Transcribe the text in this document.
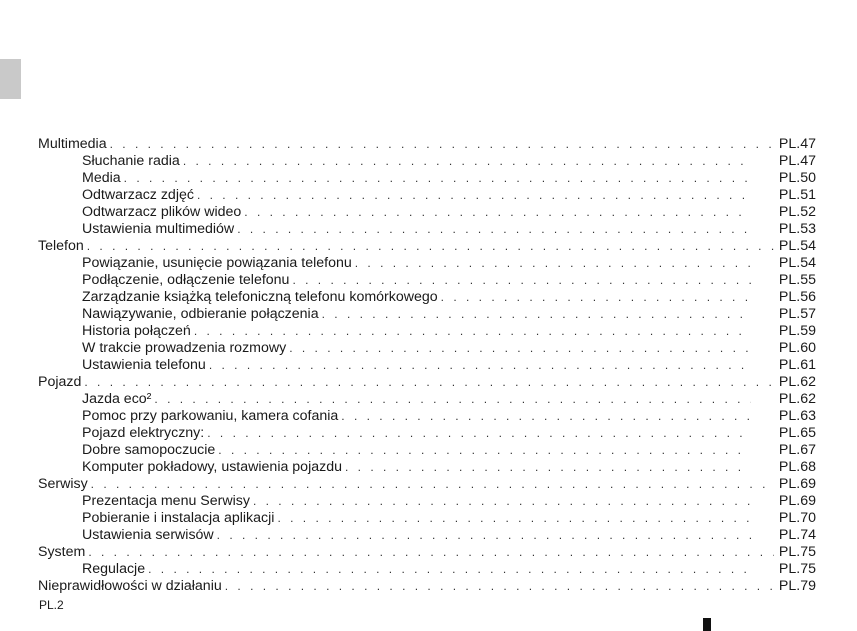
Multimedia . . .	PL.47
Słuchanie radia . . .	PL.47
Media . . .	PL.50
Odtwarzacz zdjęć . . .	PL.51
Odtwarzacz plików wideo . . .	PL.52
Ustawienia multimediów . . .	PL.53
Telefon . . .	PL.54
Powiązanie, usunięcie powiązania telefonu . . .	PL.54
Podłączenie, odłączenie telefonu . . .	PL.55
Zarządzanie książką telefoniczną telefonu komórkowego . . .	PL.56
Nawiązywanie, odbieranie połączenia . . .	PL.57
Historia połączeń . . .	PL.59
W trakcie prowadzenia rozmowy . . .	PL.60
Ustawienia telefonu . . .	PL.61
Pojazd . . .	PL.62
Jazda eco² . . .	PL.62
Pomoc przy parkowaniu, kamera cofania . . .	PL.63
Pojazd elektryczny: . . .	PL.65
Dobre samopoczucie . . .	PL.67
Komputer pokładowy, ustawienia pojazdu . . .	PL.68
Serwisy . . .	PL.69
Prezentacja menu Serwisy . . .	PL.69
Pobieranie i instalacja aplikacji . . .	PL.70
Ustawienia serwisów . . .	PL.74
System . . .	PL.75
Regulacje . . .	PL.75
Nieprawidłowości w działaniu . . .	PL.79
PL.2
